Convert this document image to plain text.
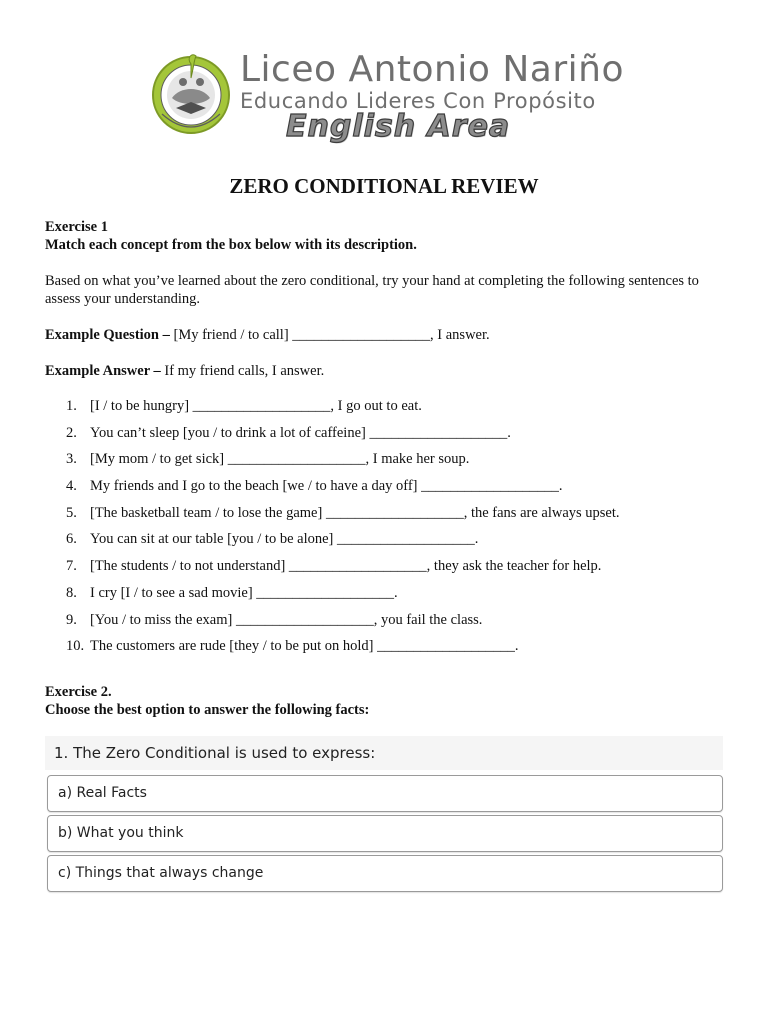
Liceo Antonio Nariño
Educando Lideres Con Propósito
English Area
ZERO CONDITIONAL REVIEW
Exercise 1
Match each concept from the box below with its description.
Based on what you’ve learned about the zero conditional, try your hand at completing the following sentences to assess your understanding.
Example Question – [My friend / to call] ___________________, I answer.
Example Answer – If my friend calls, I answer.
1. [I / to be hungry] ___________________, I go out to eat.
2. You can’t sleep [you / to drink a lot of caffeine] ___________________.
3. [My mom / to get sick] ___________________, I make her soup.
4. My friends and I go to the beach [we / to have a day off] ___________________.
5. [The basketball team / to lose the game] ___________________, the fans are always upset.
6. You can sit at our table [you / to be alone] ___________________.
7. [The students / to not understand] ___________________, they ask the teacher for help.
8. I cry [I / to see a sad movie] ___________________.
9. [You / to miss the exam] ___________________, you fail the class.
10. The customers are rude [they / to be put on hold] ___________________.
Exercise 2.
Choose the best option to answer the following facts:
1. The Zero Conditional is used to express:
a) Real Facts
b) What you think
c) Things that always change
